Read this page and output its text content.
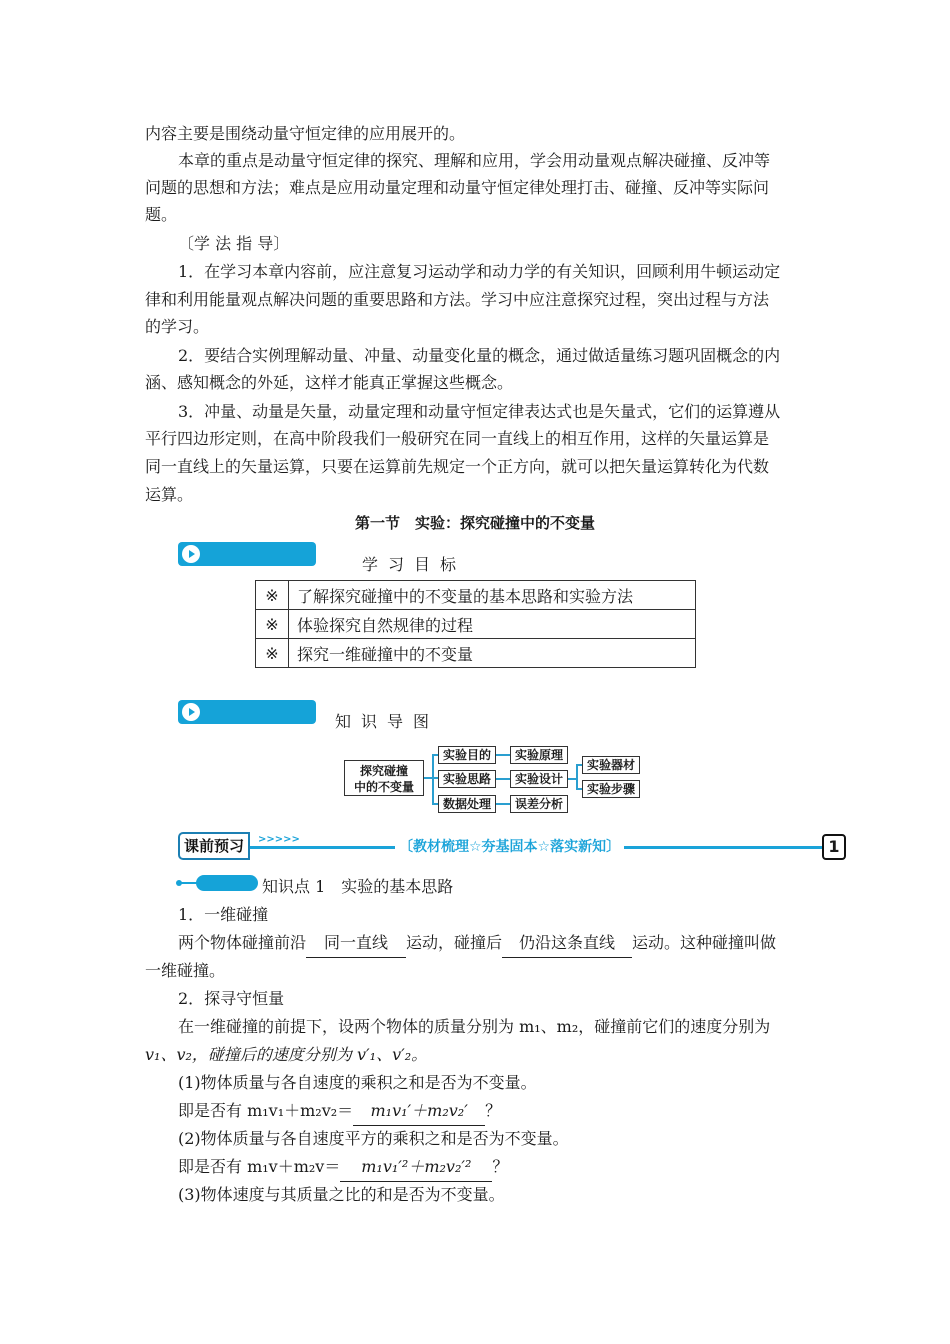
内容主要是围绕动量守恒定律的应用展开的。
本章的重点是动量守恒定律的探究、理解和应用，学会用动量观点解决碰撞、反冲等
问题的思想和方法；难点是应用动量定理和动量守恒定律处理打击、碰撞、反冲等实际问
题。
〔学 法 指 导〕
1．在学习本章内容前，应注意复习运动学和动力学的有关知识，回顾利用牛顿运动定
律和利用能量观点解决问题的重要思路和方法。学习中应注意探究过程，突出过程与方法
的学习。
2．要结合实例理解动量、冲量、动量变化量的概念，通过做适量练习题巩固概念的内
涵、感知概念的外延，这样才能真正掌握这些概念。
3．冲量、动量是矢量，动量定理和动量守恒定律表达式也是矢量式，它们的运算遵从
平行四边形定则，在高中阶段我们一般研究在同一直线上的相互作用，这样的矢量运算是
同一直线上的矢量运算，只要在运算前先规定一个正方向，就可以把矢量运算转化为代数
运算。
第一节　实验：探究碰撞中的不变量
学习目标
※	了解探究碰撞中的不变量的基本思路和实验方法
※	体验探究自然规律的过程
※	探究一维碰撞中的不变量
知识导图
探究碰撞
中的不变量
实验目的
实验思路
数据处理
实验原理
实验设计
误差分析
实验器材
实验步骤
课前预习	>>>>>	〔教材梳理☆夯基固本☆落实新知〕	1
知识点 1　实验的基本思路
1．一维碰撞
两个物体碰撞前沿 同一直线 运动，碰撞后 仍沿这条直线 运动。这种碰撞叫做
一维碰撞。
2．探寻守恒量
在一维碰撞的前提下，设两个物体的质量分别为 m₁、m₂，碰撞前它们的速度分别为
v₁、v₂，碰撞后的速度分别为 v′₁、v′₂。
(1)物体质量与各自速度的乘积之和是否为不变量。
即是否有 m₁v₁＋m₂v₂＝ m₁v₁′＋m₂v₂′ ？
(2)物体质量与各自速度平方的乘积之和是否为不变量。
即是否有 m₁v＋m₂v＝ m₁v₁′²＋m₂v₂′² ？
(3)物体速度与其质量之比的和是否为不变量。
